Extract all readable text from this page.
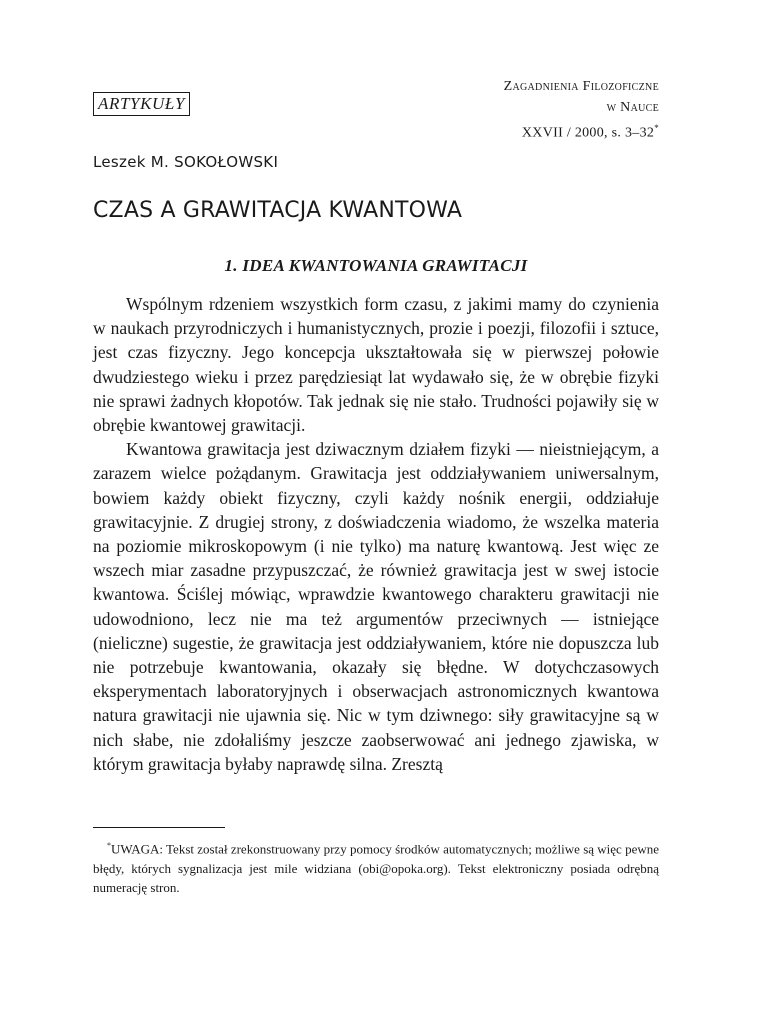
Zagadnienia Filozoficzne
w Nauce
XXVII / 2000, s. 3–32*
ARTYKUŁY
Leszek M. SOKOŁOWSKI
CZAS A GRAWITACJA KWANTOWA
1. IDEA KWANTOWANIA GRAWITACJI

Wspólnym rdzeniem wszystkich form czasu, z jakimi mamy do czynienia w naukach przyrodniczych i humanistycznych, prozie i poezji, filozofii i sztuce, jest czas fizyczny. Jego koncepcja ukształtowała się w pierwszej połowie dwudziestego wieku i przez parędziesiąt lat wydawało się, że w obrębie fizyki nie sprawi żadnych kłopotów. Tak jednak się nie stało. Trudności pojawiły się w obrębie kwantowej grawitacji.

Kwantowa grawitacja jest dziwacznym działem fizyki — nieistniejącym, a zarazem wielce pożądanym. Grawitacja jest oddziaływaniem uniwersalnym, bowiem każdy obiekt fizyczny, czyli każdy nośnik energii, oddziałuje grawitacyjnie. Z drugiej strony, z doświadczenia wiadomo, że wszelka materia na poziomie mikroskopowym (i nie tylko) ma naturę kwantową. Jest więc ze wszech miar zasadne przypuszczać, że również grawitacja jest w swej istocie kwantowa. Ściślej mówiąc, wprawdzie kwantowego charakteru grawitacji nie udowodniono, lecz nie ma też argumentów przeciwnych — istniejące (nieliczne) sugestie, że grawitacja jest oddziaływaniem, które nie dopuszcza lub nie potrzebuje kwantowania, okazały się błędne. W dotychczasowych eksperymentach laboratoryjnych i obserwacjach astronomicznych kwantowa natura grawitacji nie ujawnia się. Nic w tym dziwnego: siły grawitacyjne są w nich słabe, nie zdołaliśmy jeszcze zaobserwować ani jednego zjawiska, w którym grawitacja byłaby naprawdę silna. Zresztą

*UWAGA: Tekst został zrekonstruowany przy pomocy środków automatycznych; możliwe są więc pewne błędy, których sygnalizacja jest mile widziana (obi@opoka.org). Tekst elektroniczny posiada odrębną numerację stron.
